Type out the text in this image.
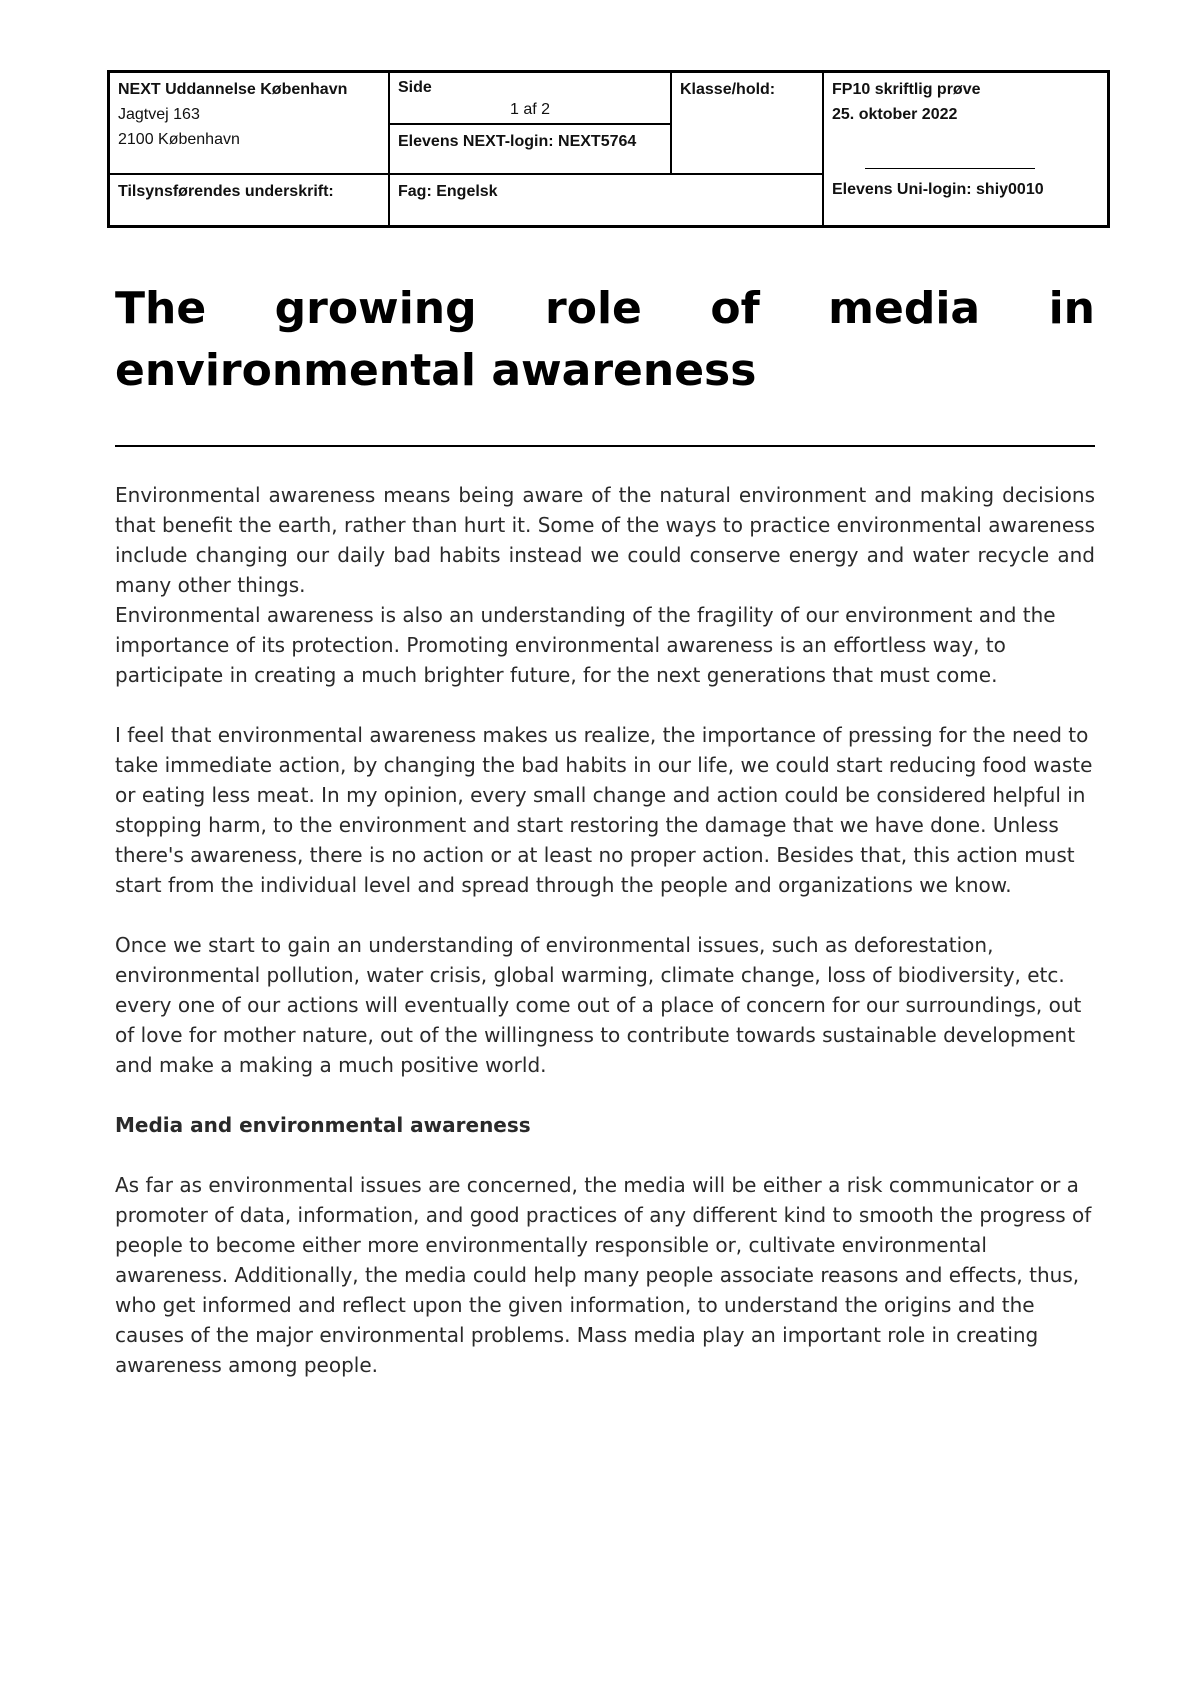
NEXT Uddannelse København
Jagtvej 163
2100 København
Side
1 af 2
Elevens NEXT-login: NEXT5764
Klasse/hold:	FP10 skriftlig prøve
25. oktober 2022
Elevens Uni-login: shiy0010
Tilsynsførendes underskrift:	Fag: Engelsk
The growing role of media in
environmental awareness

Environmental awareness means being aware of the natural environment and making decisions that benefit the earth, rather than hurt it. Some of the ways to practice environmental awareness include changing our daily bad habits instead we could conserve energy and water recycle and many other things.

Environmental awareness is also an understanding of the fragility of our environment and the importance of its protection. Promoting environmental awareness is an effortless way, to participate in creating a much brighter future, for the next generations that must come.

I feel that environmental awareness makes us realize, the importance of pressing for the need to take immediate action, by changing the bad habits in our life, we could start reducing food waste or eating less meat. In my opinion, every small change and action could be considered helpful in stopping harm, to the environment and start restoring the damage that we have done. Unless there's awareness, there is no action or at least no proper action. Besides that, this action must start from the individual level and spread through the people and organizations we know.

Once we start to gain an understanding of environmental issues, such as deforestation, environmental pollution, water crisis, global warming, climate change, loss of biodiversity, etc. every one of our actions will eventually come out of a place of concern for our surroundings, out of love for mother nature, out of the willingness to contribute towards sustainable development and make a making a much positive world.

Media and environmental awareness

As far as environmental issues are concerned, the media will be either a risk communicator or a promoter of data, information, and good practices of any different kind to smooth the progress of people to become either more environmentally responsible or, cultivate environmental awareness. Additionally, the media could help many people associate reasons and effects, thus, who get informed and reflect upon the given information, to understand the origins and the causes of the major environmental problems. Mass media play an important role in creating awareness among people.
